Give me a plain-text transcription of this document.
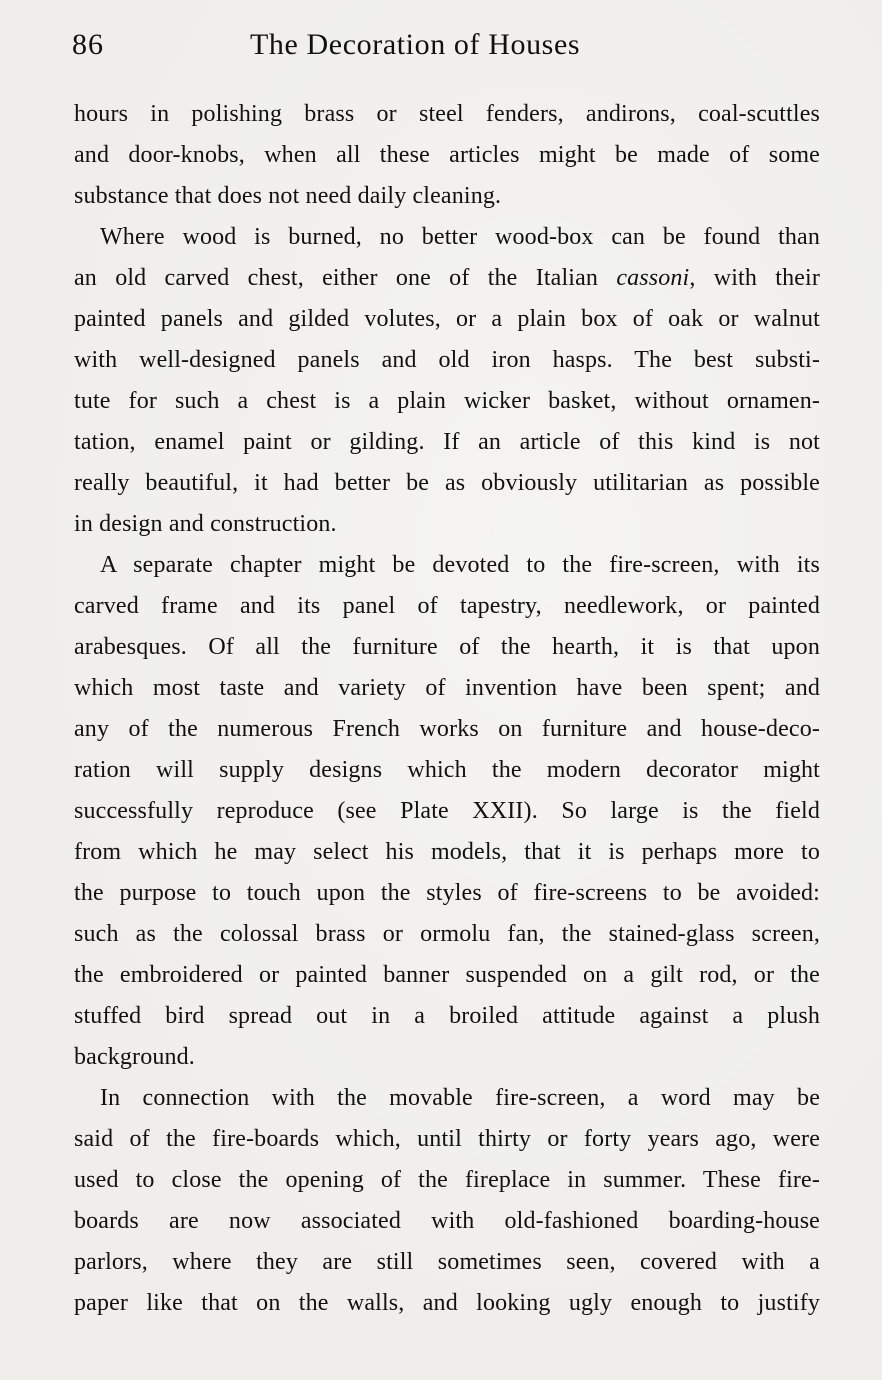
86	The Decoration of Houses
hours in polishing brass or steel fenders, andirons, coal-scuttles
and door-knobs, when all these articles might be made of some
substance that does not need daily cleaning.
Where wood is burned, no better wood-box can be found than
an old carved chest, either one of the Italian cassoni, with their
painted panels and gilded volutes, or a plain box of oak or walnut
with well-designed panels and old iron hasps. The best substi-
tute for such a chest is a plain wicker basket, without ornamen-
tation, enamel paint or gilding. If an article of this kind is not
really beautiful, it had better be as obviously utilitarian as possible
in design and construction.
A separate chapter might be devoted to the fire-screen, with its
carved frame and its panel of tapestry, needlework, or painted
arabesques. Of all the furniture of the hearth, it is that upon
which most taste and variety of invention have been spent; and
any of the numerous French works on furniture and house-deco-
ration will supply designs which the modern decorator might
successfully reproduce (see Plate XXII). So large is the field
from which he may select his models, that it is perhaps more to
the purpose to touch upon the styles of fire-screens to be avoided:
such as the colossal brass or ormolu fan, the stained-glass screen,
the embroidered or painted banner suspended on a gilt rod, or the
stuffed bird spread out in a broiled attitude against a plush
background.
In connection with the movable fire-screen, a word may be
said of the fire-boards which, until thirty or forty years ago, were
used to close the opening of the fireplace in summer. These fire-
boards are now associated with old-fashioned boarding-house
parlors, where they are still sometimes seen, covered with a
paper like that on the walls, and looking ugly enough to justify
